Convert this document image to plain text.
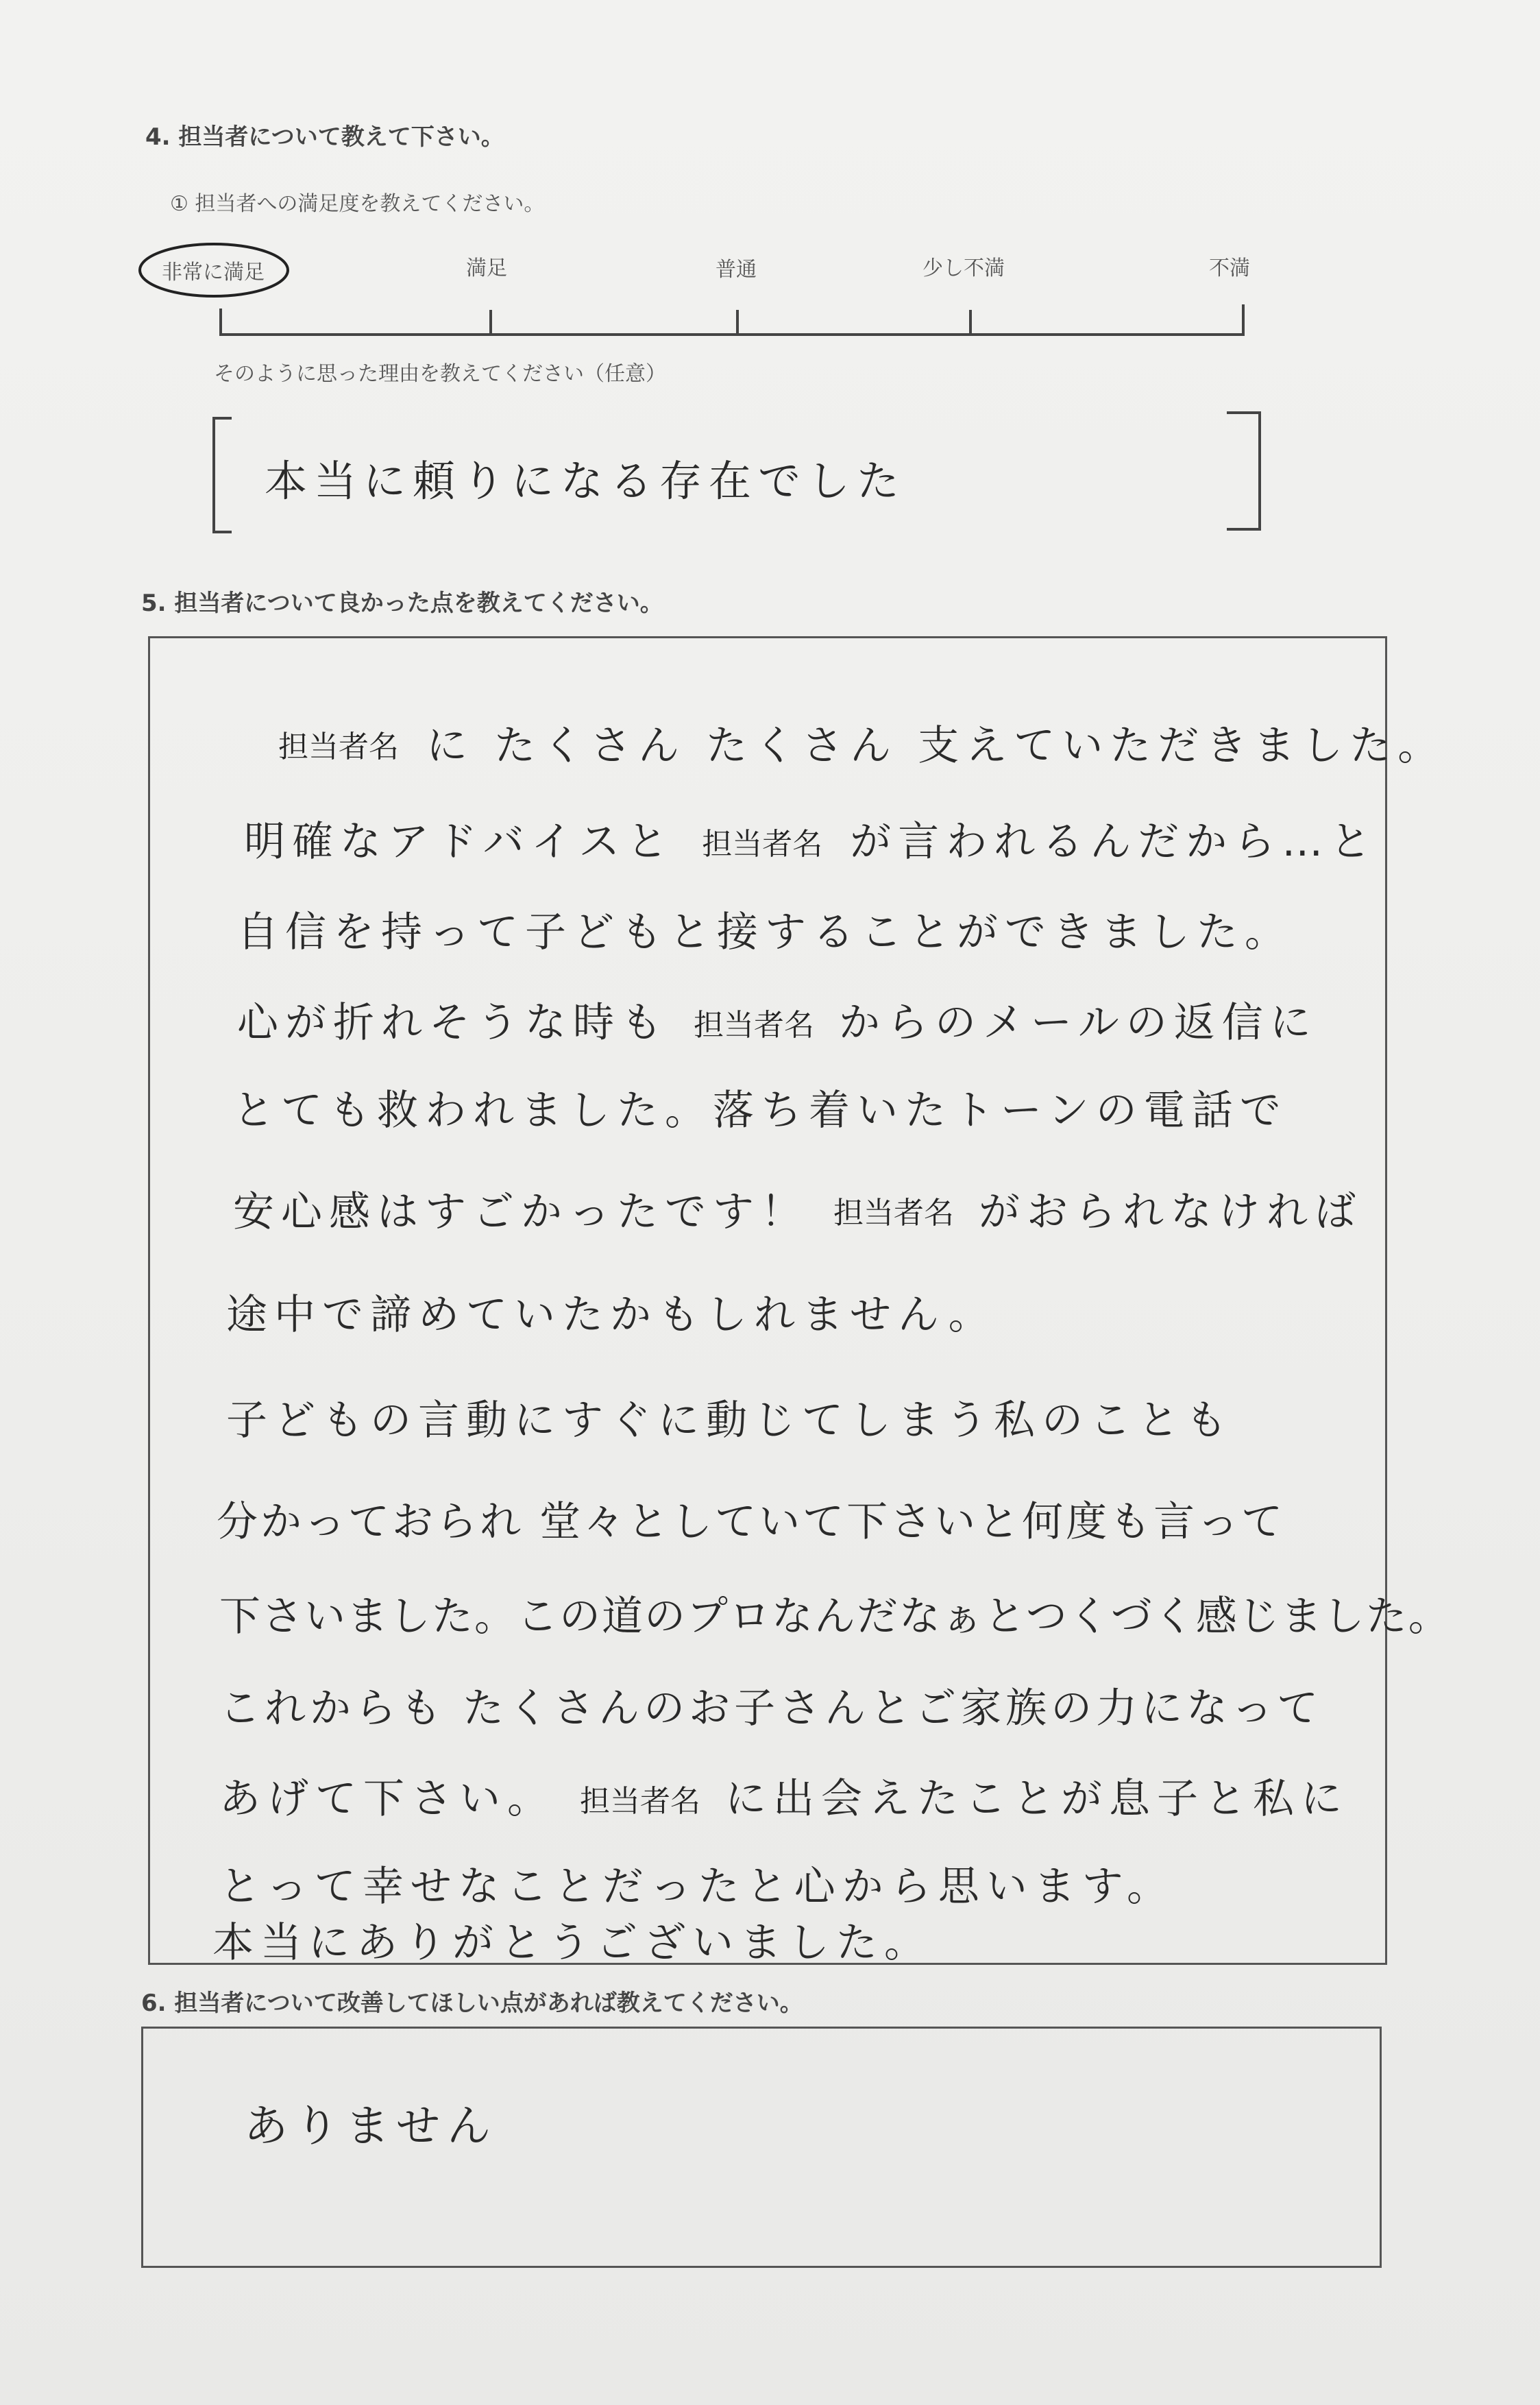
4. 担当者について教えて下さい。
① 担当者への満足度を教えてください。
非常に満足	満足	普通	少し不満	不満
そのように思った理由を教えてください（任意）
本当に頼りになる存在でした
5. 担当者について良かった点を教えてください。
担当者名 に たくさん たくさん 支えていただきました。
明確なアドバイスと 担当者名 が言われるんだから…と
自信を持って子どもと接することができました。
心が折れそうな時も 担当者名 からのメールの返信に
とても救われました。落ち着いたトーンの電話で
安心感はすごかったです！ 担当者名 がおられなければ
途中で諦めていたかもしれません。
子どもの言動にすぐに動じてしまう私のことも
分かっておられ 堂々としていて下さいと何度も言って
下さいました。この道のプロなんだなぁとつくづく感じました。
これからも たくさんのお子さんとご家族の力になって
あげて下さい。 担当者名 に出会えたことが息子と私に
とって幸せなことだったと心から思います。
本当にありがとうございました。
6. 担当者について改善してほしい点があれば教えてください。
ありません
